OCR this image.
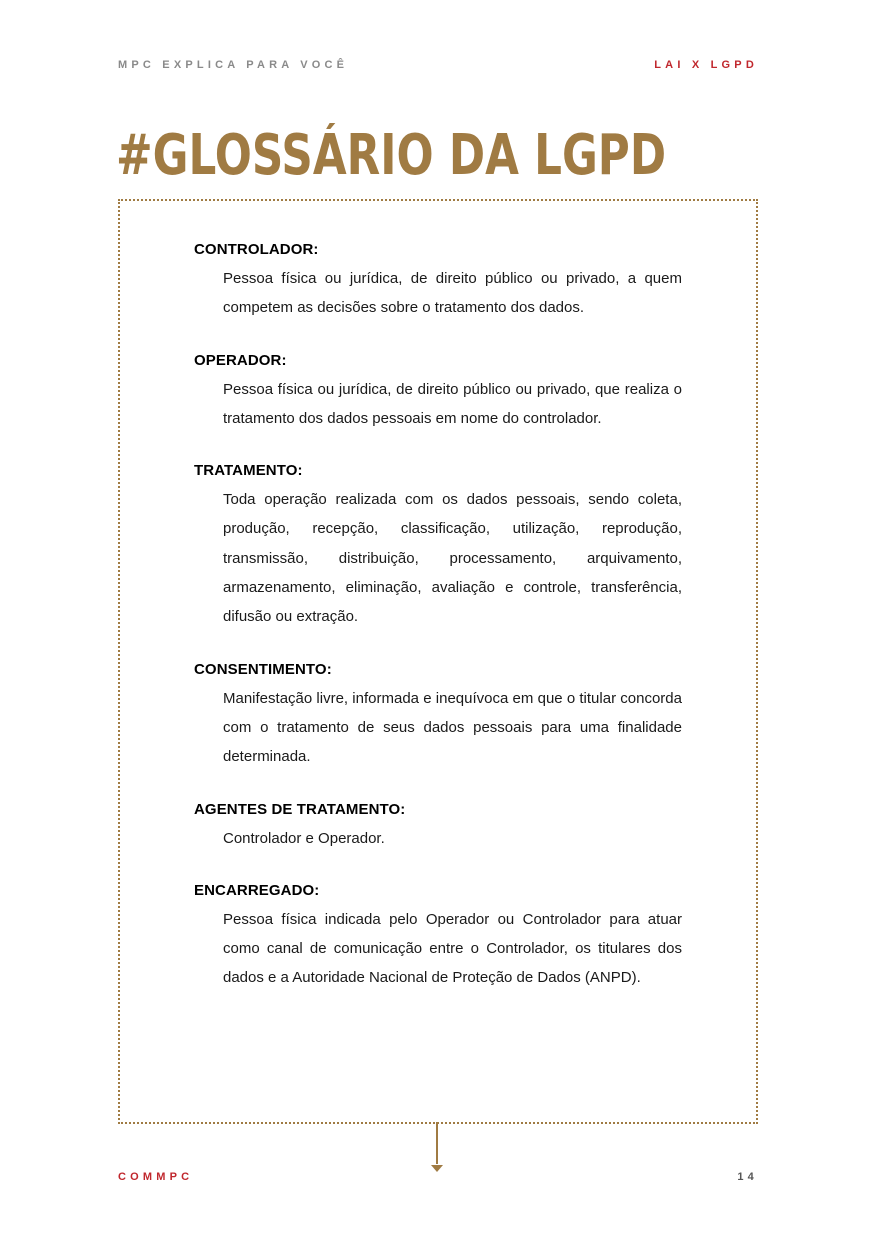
MPC EXPLICA PARA VOCÊ	LAI X LGPD
#GLOSSÁRIO DA LGPD

CONTROLADOR:

Pessoa física ou jurídica, de direito público ou privado, a quem competem as decisões sobre o tratamento dos dados.

OPERADOR:

Pessoa física ou jurídica, de direito público ou privado, que realiza o tratamento dos dados pessoais em nome do controlador.

TRATAMENTO:

Toda operação realizada com os dados pessoais, sendo coleta, produção, recepção, classificação, utilização, reprodução, transmissão, distribuição, processamento, arquivamento, armazenamento, eliminação, avaliação e controle, transferência, difusão ou extração.

CONSENTIMENTO:

Manifestação livre, informada e inequívoca em que o titular concorda com o tratamento de seus dados pessoais para uma finalidade determinada.

AGENTES DE TRATAMENTO:

Controlador e Operador.

ENCARREGADO:

Pessoa física indicada pelo Operador ou Controlador para atuar como canal de comunicação entre o Controlador, os titulares dos dados e a Autoridade Nacional de Proteção de Dados (ANPD).

COMMPC	14
